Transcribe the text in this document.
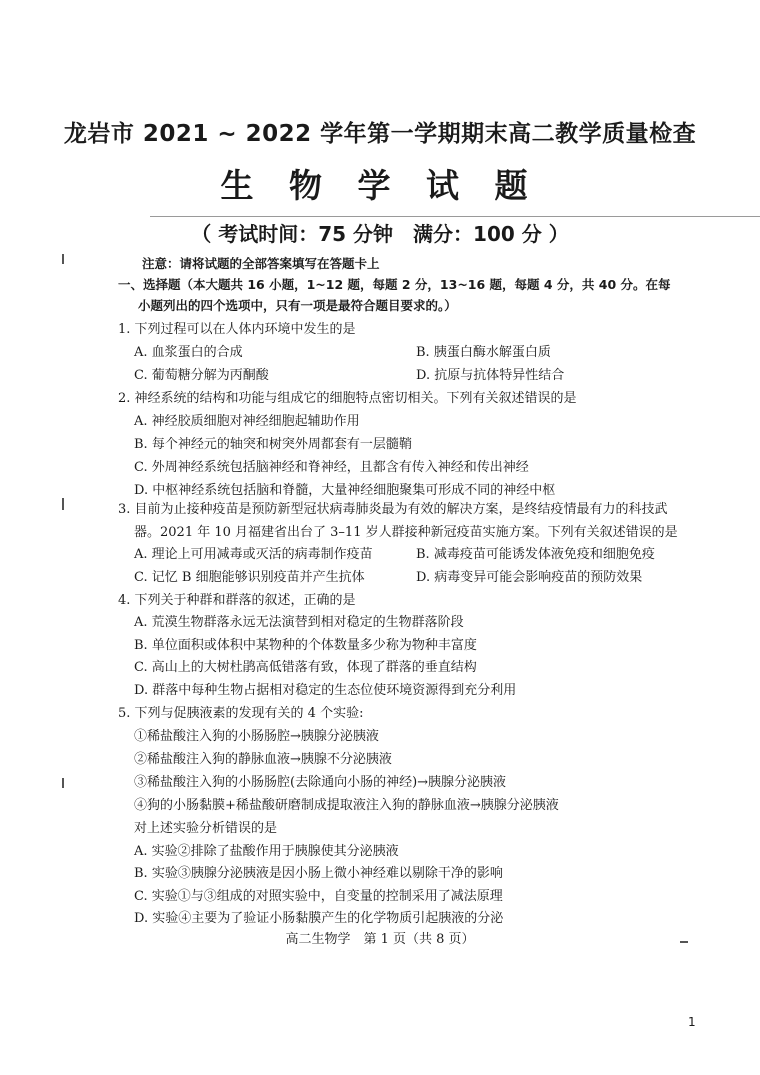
龙岩市 2021 ~ 2022 学年第一学期期末高二教学质量检查
生 物 学 试 题
（ 考试时间：75 分钟　满分：100 分 ）
注意：请将试题的全部答案填写在答题卡上
一、选择题（本大题共 16 小题，1~12 题，每题 2 分，13~16 题，每题 4 分，共 40 分。在每
小题列出的四个选项中，只有一项是最符合题目要求的。）
1. 下列过程可以在人体内环境中发生的是
A. 血浆蛋白的合成	B. 胰蛋白酶水解蛋白质
C. 葡萄糖分解为丙酮酸	D. 抗原与抗体特异性结合
2. 神经系统的结构和功能与组成它的细胞特点密切相关。下列有关叙述错误的是
A. 神经胶质细胞对神经细胞起辅助作用
B. 每个神经元的轴突和树突外周都套有一层髓鞘
C. 外周神经系统包括脑神经和脊神经，且都含有传入神经和传出神经
D. 中枢神经系统包括脑和脊髓，大量神经细胞聚集可形成不同的神经中枢
3. 目前为止接种疫苗是预防新型冠状病毒肺炎最为有效的解决方案，是终结疫情最有力的科技武
器。2021 年 10 月福建省出台了 3–11 岁人群接种新冠疫苗实施方案。下列有关叙述错误的是
A. 理论上可用减毒或灭活的病毒制作疫苗	B. 减毒疫苗可能诱发体液免疫和细胞免疫
C. 记忆 B 细胞能够识别疫苗并产生抗体	D. 病毒变异可能会影响疫苗的预防效果
4. 下列关于种群和群落的叙述，正确的是
A. 荒漠生物群落永远无法演替到相对稳定的生物群落阶段
B. 单位面积或体积中某物种的个体数量多少称为物种丰富度
C. 高山上的大树杜鹃高低错落有致，体现了群落的垂直结构
D. 群落中每种生物占据相对稳定的生态位使环境资源得到充分利用
5. 下列与促胰液素的发现有关的 4 个实验:
①稀盐酸注入狗的小肠肠腔→胰腺分泌胰液
②稀盐酸注入狗的静脉血液→胰腺不分泌胰液
③稀盐酸注入狗的小肠肠腔(去除通向小肠的神经)→胰腺分泌胰液
④狗的小肠黏膜+稀盐酸研磨制成提取液注入狗的静脉血液→胰腺分泌胰液
对上述实验分析错误的是
A. 实验②排除了盐酸作用于胰腺使其分泌胰液
B. 实验③胰腺分泌胰液是因小肠上微小神经难以剔除干净的影响
C. 实验①与③组成的对照实验中，自变量的控制采用了减法原理
D. 实验④主要为了验证小肠黏膜产生的化学物质引起胰液的分泌
高二生物学　第 1 页（共 8 页）
1
